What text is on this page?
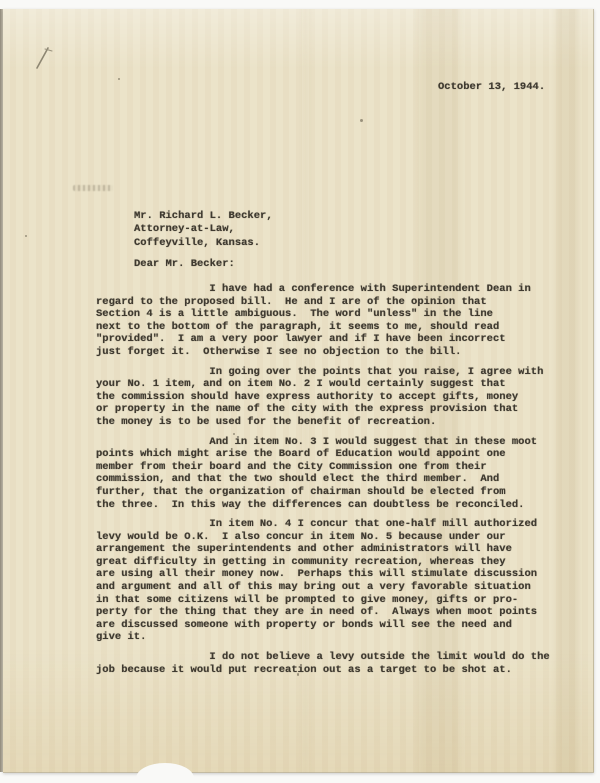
October 13, 1944.
Mr. Richard L. Becker,
Attorney-at-Law,
Coffeyville, Kansas.
Dear Mr. Becker:
I have had a conference with Superintendent Dean in
regard to the proposed bill.  He and I are of the opinion that
Section 4 is a little ambiguous.  The word "unless" in the line
next to the bottom of the paragraph, it seems to me, should read
"provided".  I am a very poor lawyer and if I have been incorrect
just forget it.  Otherwise I see no objection to the bill.
In going over the points that you raise, I agree with
your No. 1 item, and on item No. 2 I would certainly suggest that
the commission should have express authority to accept gifts, money
or property in the name of the city with the express provision that
the money is to be used for the benefit of recreation.
And in item No. 3 I would suggest that in these moot
points which might arise the Board of Education would appoint one
member from their board and the City Commission one from their
commission, and that the two should elect the third member.  And
further, that the organization of chairman should be elected from
the three.  In this way the differences can doubtless be reconciled.
In item No. 4 I concur that one-half mill authorized
levy would be O.K.  I also concur in item No. 5 because under our
arrangement the superintendents and other administrators will have
great difficulty in getting in community recreation, whereas they
are using all their money now.  Perhaps this will stimulate discussion
and argument and all of this may bring out a very favorable situation
in that some citizens will be prompted to give money, gifts or pro-
perty for the thing that they are in need of.  Always when moot points
are discussed someone with property or bonds will see the need and
give it.
I do not believe a levy outside the limit would do the
job because it would put recreation out as a target to be shot at.
